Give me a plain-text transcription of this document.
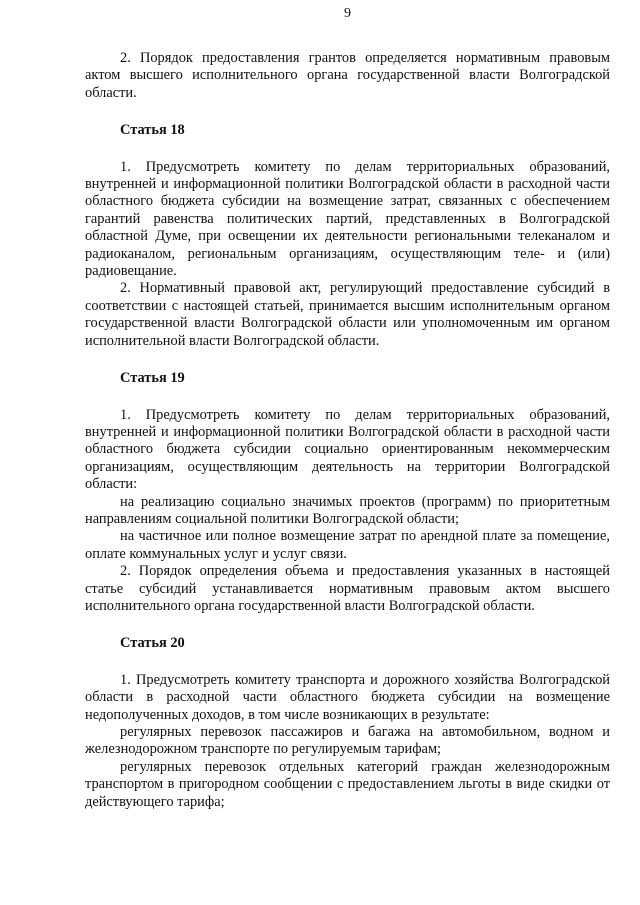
9

2. Порядок предоставления грантов определяется нормативным правовым актом высшего исполнительного органа государственной власти Волгоградской области.

Статья 18

1. Предусмотреть комитету по делам территориальных образований, внутренней и информационной политики Волгоградской области в расходной части областного бюджета субсидии на возмещение затрат, связанных с обеспечением гарантий равенства политических партий, представленных в Волгоградской областной Думе, при освещении их деятельности региональными телеканалом и радиоканалом, региональным организациям, осуществляющим теле- и (или) радиовещание.

2. Нормативный правовой акт, регулирующий предоставление субсидий в соответствии с настоящей статьей, принимается высшим исполнительным органом государственной власти Волгоградской области или уполномоченным им органом исполнительной власти Волгоградской области.

Статья 19

1. Предусмотреть комитету по делам территориальных образований, внутренней и информационной политики Волгоградской области в расходной части областного бюджета субсидии социально ориентированным некоммерческим организациям, осуществляющим деятельность на территории Волгоградской области:

на реализацию социально значимых проектов (программ) по приоритетным направлениям социальной политики Волгоградской области;

на частичное или полное возмещение затрат по арендной плате за помещение, оплате коммунальных услуг и услуг связи.

2. Порядок определения объема и предоставления указанных в настоящей статье субсидий устанавливается нормативным правовым актом высшего исполнительного органа государственной власти Волгоградской области.

Статья 20

1. Предусмотреть комитету транспорта и дорожного хозяйства Волгоградской области в расходной части областного бюджета субсидии на возмещение недополученных доходов, в том числе возникающих в результате:

регулярных перевозок пассажиров и багажа на автомобильном, водном и железнодорожном транспорте по регулируемым тарифам;

регулярных перевозок отдельных категорий граждан железнодорожным транспортом в пригородном сообщении с предоставлением льготы в виде скидки от действующего тарифа;
